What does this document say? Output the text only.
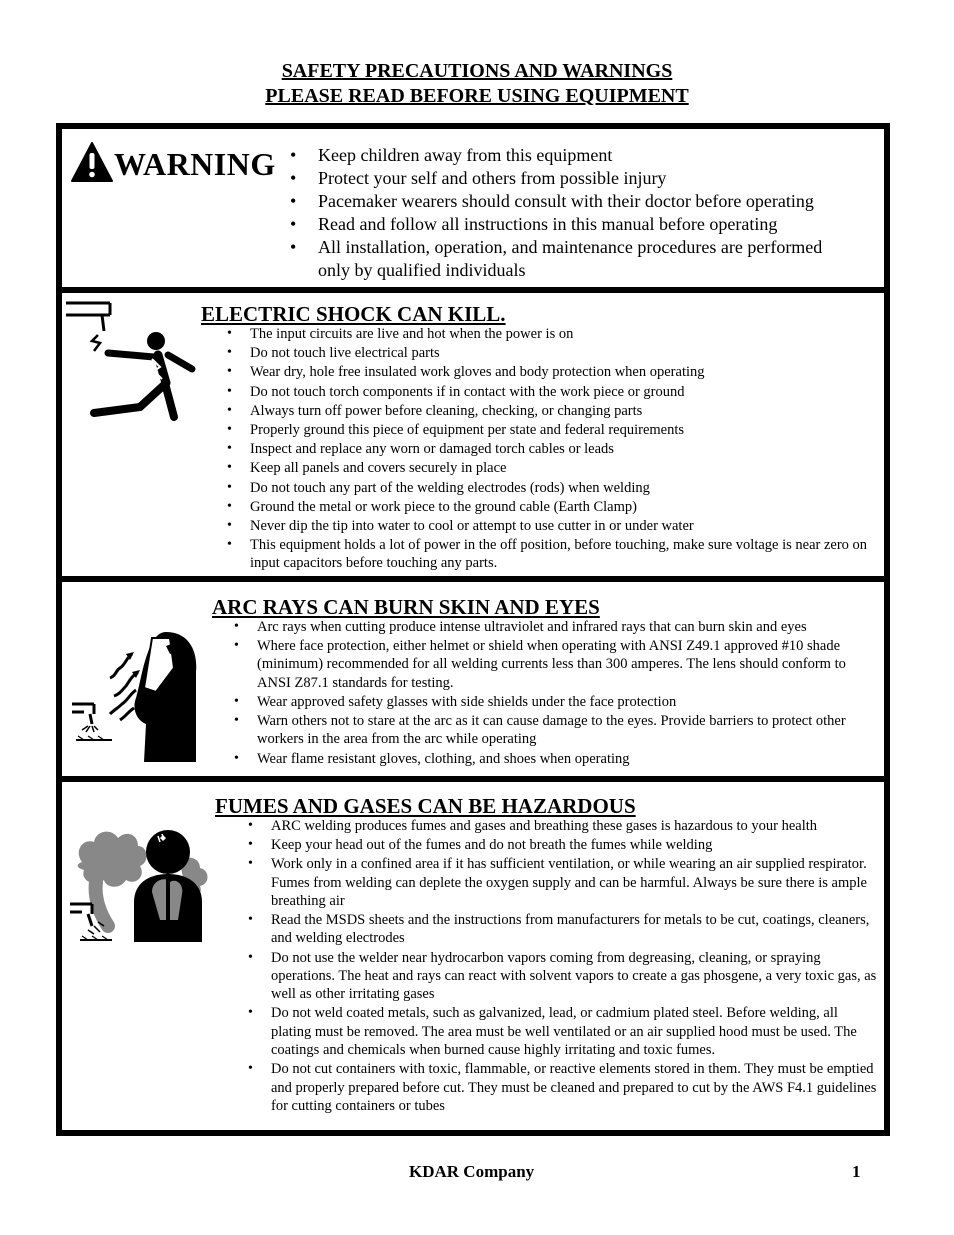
SAFETY PRECAUTIONS AND WARNINGS
PLEASE READ BEFORE USING EQUIPMENT
WARNING
•	Keep children away from this equipment
• Protect your self and others from possible injury
• Pacemaker wearers should consult with their doctor before operating
• Read and follow all instructions in this manual before operating
• All installation, operation, and maintenance procedures are performed only by qualified individuals
ELECTRIC SHOCK CAN KILL.
• The input circuits are live and hot when the power is on
• Do not touch live electrical parts
• Wear dry, hole free insulated work gloves and body protection when operating
• Do not touch torch components if in contact with the work piece or ground
• Always turn off power before cleaning, checking, or changing parts
• Properly ground this piece of equipment per state and federal requirements
• Inspect and replace any worn or damaged torch cables or leads
• Keep all panels and covers securely in place
• Do not touch any part of the welding electrodes (rods) when welding
• Ground the metal or work piece to the ground cable (Earth Clamp)
• Never dip the tip into water to cool or attempt to use cutter in or under water
• This equipment holds a lot of power in the off position, before touching, make sure voltage is near zero on input capacitors before touching any parts.
ARC RAYS CAN BURN SKIN AND EYES
• Arc rays when cutting produce intense ultraviolet and infrared rays that can burn skin and eyes
• Where face protection, either helmet or shield when operating with ANSI Z49.1 approved #10 shade (minimum) recommended for all welding currents less than 300 amperes. The lens should conform to ANSI Z87.1 standards for testing.
• Wear approved safety glasses with side shields under the face protection
• Warn others not to stare at the arc as it can cause damage to the eyes. Provide barriers to protect other workers in the area from the arc while operating
• Wear flame resistant gloves, clothing, and shoes when operating
FUMES AND GASES CAN BE HAZARDOUS
• ARC welding produces fumes and gases and breathing these gases is hazardous to your health
• Keep your head out of the fumes and do not breath the fumes while welding
• Work only in a confined area if it has sufficient ventilation, or while wearing an air supplied respirator. Fumes from welding can deplete the oxygen supply and can be harmful. Always be sure there is ample breathing air
• Read the MSDS sheets and the instructions from manufacturers for metals to be cut, coatings, cleaners, and welding electrodes
• Do not use the welder near hydrocarbon vapors coming from degreasing, cleaning, or spraying operations. The heat and rays can react with solvent vapors to create a gas phosgene, a very toxic gas, as well as other irritating gases
• Do not weld coated metals, such as galvanized, lead, or cadmium plated steel. Before welding, all plating must be removed. The area must be well ventilated or an air supplied hood must be used. The coatings and chemicals when burned cause highly irritating and toxic fumes.
• Do not cut containers with toxic, flammable, or reactive elements stored in them. They must be emptied and properly prepared before cut. They must be cleaned and prepared to cut by the AWS F4.1 guidelines for cutting containers or tubes
KDAR Company	1
